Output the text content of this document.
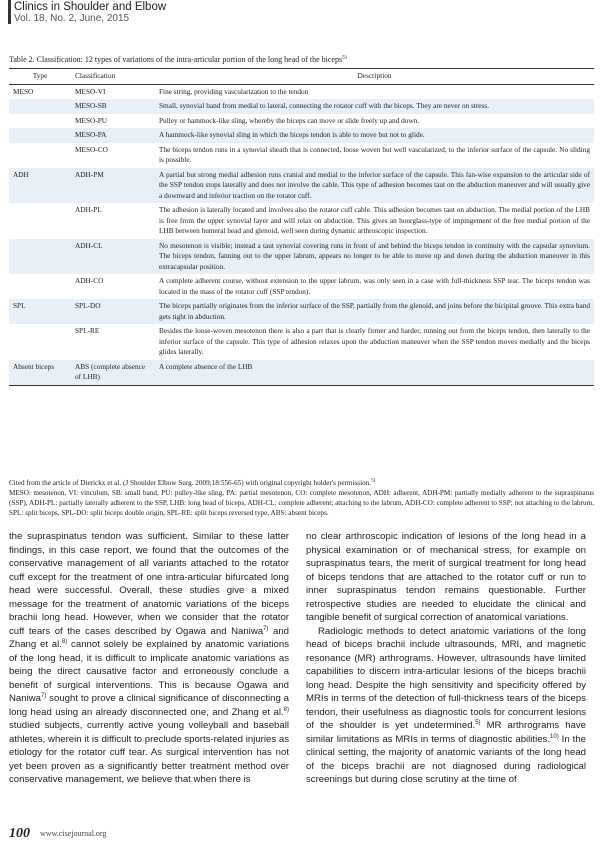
Clinics in Shoulder and Elbow
Vol. 18, No. 2, June, 2015
Table 2. Classification: 12 types of variations of the intra-articular portion of the long head of the biceps$^{5)}$
Type	Classification	Description
MESO	MESO-VI	Fine string, providing vascularization to the tendon
	MESO-SB	Small, synovial band from medial to lateral, connecting the rotator cuff with the biceps. They are never on stress.
	MESO-PU	Pulley or hammock-like sling, whereby the biceps can move or slide freely up and down.
	MESO-PA	A hammock-like synovial sling in which the biceps tendon is able to move but not to glide.
	MESO-CO	The biceps tendon runs in a synovial sheath that is connected, loose woven but well vascularized, to the inferior surface of the capsule. No sliding is possible.
ADH	ADH-PM	A partial but strong medial adhesion runs cranial and medial to the inferior surface of the capsule. This fan-wise expansion to the articular side of the SSP tendon stops laterally and does not involve the cable. This type of adhesion becomes taut on the abduction maneuver and will usually give a downward and inferior traction on the rotator cuff.
	ADH-PL	The adhesion is laterally located and involves also the rotator cuff cable. This adhesion becomes taut on abduction. The medial portion of the LHB is free from the upper synovial layer and will relax on abduction. This gives an hourglass-type of impingement of the free medial portion of the LHB between humeral head and glenoid, well seen during dynamic arthroscopic inspection.
	ADH-CL	No mesotenon is visible; instead a taut synovial covering runs in front of and behind the biceps tendon in continuity with the capsular synovium. The biceps tendon, fanning out to the upper labrum, appears no longer to be able to move up and down during the abduction maneuver in this extracapsular position.
	ADH-CO	A complete adherent course, without extension to the upper labrum, was only seen in a case with full-thickness SSP tear. The biceps tendon was located in the mass of the rotator cuff (SSP tendon).
SPL	SPL-DO	The biceps partially originates from the inferior surface of the SSP, partially from the glenoid, and joins before the bicipital groove. This extra band gets tight in abduction.
	SPL-RE	Besides the loose-woven mesotenon there is also a part that is clearly firmer and harder, running out from the biceps tendon, then laterally to the inferior surface of the capsule. This type of adhesion relaxes upon the abduction maneuver when the SSP tendon moves medially and the biceps glides laterally.
Absent biceps	ABS (complete absence of LHB)	A complete absence of the LHB

Cited from the article of Dierickx et al. (J Shoulder Elbow Surg. 2009;18:556-65) with original copyright holder's permission.$^{5)}$

MESO: mesotenon, VI: vinculum, SB: small band, PU: pulley-like sling, PA: partial mesotenon, CO: complete mesotenon, ADH: adherent, ADH-PM: partially medially adherent to the supraspinatus (SSP), ADH-PL: partially laterally adherent to the SSP, LHB: long head of biceps, ADH-CL: complete adherent; attaching to the labrum, ADH-CO: complete adherent to SSP; not attaching to the labrum, SPL: split biceps, SPL-DO: split biceps double origin, SPL-RE: split biceps reversed type, ABS: absent biceps.

the supraspinatus tendon was sufficient. Similar to these latter findings, in this case report, we found that the outcomes of the conservative management of all variants attached to the rotator cuff except for the treatment of one intra-articular bifurcated long head were successful. Overall, these studies give a mixed message for the treatment of anatomic variations of the biceps brachii long head. However, when we consider that the rotator cuff tears of the cases described by Ogawa and Naniwa$^{7)}$ and Zhang et al.$^{8)}$ cannot solely be explained by anatomic variations of the long head, it is difficult to implicate anatomic variations as being the direct causative factor and erroneously conclude a benefit of surgical interventions. This is because Ogawa and Naniwa$^{7)}$ sought to prove a clinical significance of disconnecting a long head using an already disconnected one, and Zhang et al.$^{8)}$ studied subjects, currently active young volleyball and baseball athletes, wherein it is difficult to preclude sports-related injuries as etiology for the rotator cuff tear. As surgical intervention has not yet been proven as a significantly better treatment method over conservative management, we believe that when there is

no clear arthroscopic indication of lesions of the long head in a physical examination or of mechanical stress, for example on supraspinatus tears, the merit of surgical treatment for long head of biceps tendons that are attached to the rotator cuff or run to inner supraspinatus tendon remains questionable. Further retrospective studies are needed to elucidate the clinical and tangible benefit of surgical correction of anatomical variations.

Radiologic methods to detect anatomic variations of the long head of biceps brachii include ultrasounds, MRI, and magnetic resonance (MR) arthrograms. However, ultrasounds have limited capabilities to discern intra-articular lesions of the biceps brachii long head. Despite the high sensitivity and specificity offered by MRIs in terms of the detection of full-thickness tears of the biceps tendon, their usefulness as diagnostic tools for concurrent lesions of the shoulder is yet undetermined.$^{5)}$ MR arthrograms have similar limitations as MRIs in terms of diagnostic abilities.$^{10)}$ In the clinical setting, the majority of anatomic variants of the long head of the biceps brachii are not diagnosed during radiological screenings but during close scrutiny at the time of

100 www.cisejournal.org
